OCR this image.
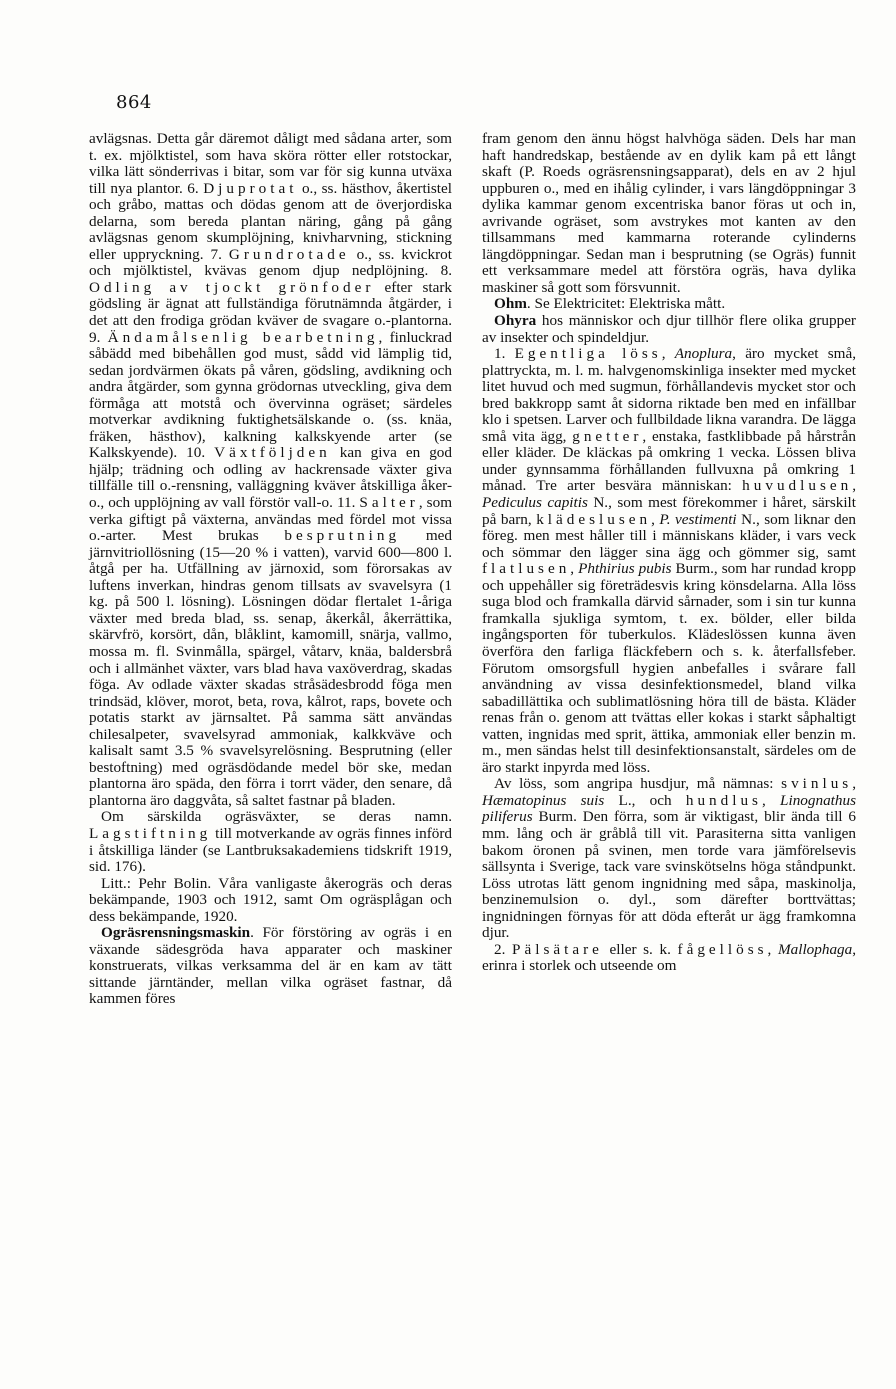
864

avlägsnas. Detta går däremot dåligt med sådana arter, som t. ex. mjölktistel, som hava sköra rötter eller rotstockar, vilka lätt sönderrivas i bitar, som var för sig kunna utväxa till nya plantor. 6. Djuprotat o., ss. hästhov, åkertistel och gråbo, mattas och dödas genom att de överjordiska delarna, som bereda plantan näring, gång på gång avlägsnas genom skumplöjning, knivharvning, stickning eller uppryckning. 7. Grundrotade o., ss. kvickrot och mjölktistel, kvävas genom djup nedplöjning. 8. Odling av tjockt grönfoder efter stark gödsling är ägnat att fullständiga förutnämnda åtgärder, i det att den frodiga grödan kväver de svagare o.-plantorna. 9. Ändamålsenlig bearbetning, finluckrad såbädd med bibehållen god must, sådd vid lämplig tid, sedan jordvärmen ökats på våren, gödsling, avdikning och andra åtgärder, som gynna grödornas utveckling, giva dem förmåga att motstå och övervinna ogräset; särdeles motverkar avdikning fuktighetsälskande o. (ss. knäa, fräken, hästhov), kalkning kalkskyende arter (se Kalkskyende). 10. Växtföljden kan giva en god hjälp; trädning och odling av hackrensade växter giva tillfälle till o.-rensning, valläggning kväver åtskilliga åker-o., och upplöjning av vall förstör vall-o. 11. Salter, som verka giftigt på växterna, användas med fördel mot vissa o.-arter. Mest brukas besprutning med järnvitriollösning (15—20 % i vatten), varvid 600—800 l. åtgå per ha. Utfällning av järnoxid, som förorsakas av luftens inverkan, hindras genom tillsats av svavelsyra (1 kg. på 500 l. lösning). Lösningen dödar flertalet 1-åriga växter med breda blad, ss. senap, åkerkål, åkerrättika, skärvfrö, korsört, dån, blåklint, kamomill, snärja, vallmo, mossa m. fl. Svinmålla, spärgel, våtarv, knäa, baldersbrå och i allmänhet växter, vars blad hava vaxöverdrag, skadas föga. Av odlade växter skadas stråsädesbrodd föga men trindsäd, klöver, morot, beta, rova, kålrot, raps, bovete och potatis starkt av järnsaltet. På samma sätt användas chilesalpeter, svavelsyrad ammoniak, kalkkväve och kalisalt samt 3.5 % svavelsyrelösning. Besprutning (eller bestoftning) med ogräsdödande medel bör ske, medan plantorna äro späda, den förra i torrt väder, den senare, då plantorna äro daggvåta, så saltet fastnar på bladen.

Om särskilda ogräsväxter, se deras namn. Lagstiftning till motverkande av ogräs finnes införd i åtskilliga länder (se Lantbruksakademiens tidskrift 1919, sid. 176).

Litt.: Pehr Bolin. Våra vanligaste åkerogräs och deras bekämpande, 1903 och 1912, samt Om ogräsplågan och dess bekämpande, 1920.

Ogräsrensningsmaskin. För förstöring av ogräs i en växande sädesgröda hava apparater och maskiner konstruerats, vilkas verksamma del är en kam av tätt sittande järntänder, mellan vilka ogräset fastnar, då kammen föres

fram genom den ännu högst halvhöga säden. Dels har man haft handredskap, bestående av en dylik kam på ett långt skaft (P. Roeds ogräsrensningsapparat), dels en av 2 hjul uppburen o., med en ihålig cylinder, i vars längdöppningar 3 dylika kammar genom excentriska banor föras ut och in, avrivande ogräset, som avstrykes mot kanten av den tillsammans med kammarna roterande cylinderns längdöppningar. Sedan man i besprutning (se Ogräs) funnit ett verksammare medel att förstöra ogräs, hava dylika maskiner så gott som försvunnit.

Ohm. Se Elektricitet: Elektriska mått.

Ohyra hos människor och djur tillhör flere olika grupper av insekter och spindeldjur.

1. Egentliga löss, Anoplura, äro mycket små, plattryckta, m. l. m. halvgenomskinliga insekter med mycket litet huvud och med sugmun, förhållandevis mycket stor och bred bakkropp samt åt sidorna riktade ben med en infällbar klo i spetsen. Larver och fullbildade likna varandra. De lägga små vita ägg, gnetter, enstaka, fastklibbade på hårstrån eller kläder. De kläckas på omkring 1 vecka. Lössen bliva under gynnsamma förhållanden fullvuxna på omkring 1 månad. Tre arter besvära människan: huvudlusen, Pediculus capitis N., som mest förekommer i håret, särskilt på barn, klädeslusen, P. vestimenti N., som liknar den föreg. men mest håller till i människans kläder, i vars veck och sömmar den lägger sina ägg och gömmer sig, samt flatlusen, Phthirius pubis Burm., som har rundad kropp och uppehåller sig företrädesvis kring könsdelarna. Alla löss suga blod och framkalla därvid sårnader, som i sin tur kunna framkalla sjukliga symtom, t. ex. bölder, eller bilda ingångsporten för tuberkulos. Klädeslössen kunna även överföra den farliga fläckfebern och s. k. återfallsfeber. Förutom omsorgsfull hygien anbefalles i svårare fall användning av vissa desinfektionsmedel, bland vilka sabadillättika och sublimatlösning höra till de bästa. Kläder renas från o. genom att tvättas eller kokas i starkt såphaltigt vatten, ingnidas med sprit, ättika, ammoniak eller benzin m. m., men sändas helst till desinfektionsanstalt, särdeles om de äro starkt inpyrda med löss.

Av löss, som angripa husdjur, må nämnas: svinlus, Hæmatopinus suis L., och hundlus, Linognathus piliferus Burm. Den förra, som är viktigast, blir ända till 6 mm. lång och är gråblå till vit. Parasiterna sitta vanligen bakom öronen på svinen, men torde vara jämförelsevis sällsynta i Sverige, tack vare svinskötselns höga ståndpunkt. Löss utrotas lätt genom ingnidning med såpa, maskinolja, benzinemulsion o. dyl., som därefter borttvättas; ingnidningen förnyas för att döda efteråt ur ägg framkomna djur.

2. Pälsätare eller s. k. fågellöss, Mallophaga, erinra i storlek och utseende om
